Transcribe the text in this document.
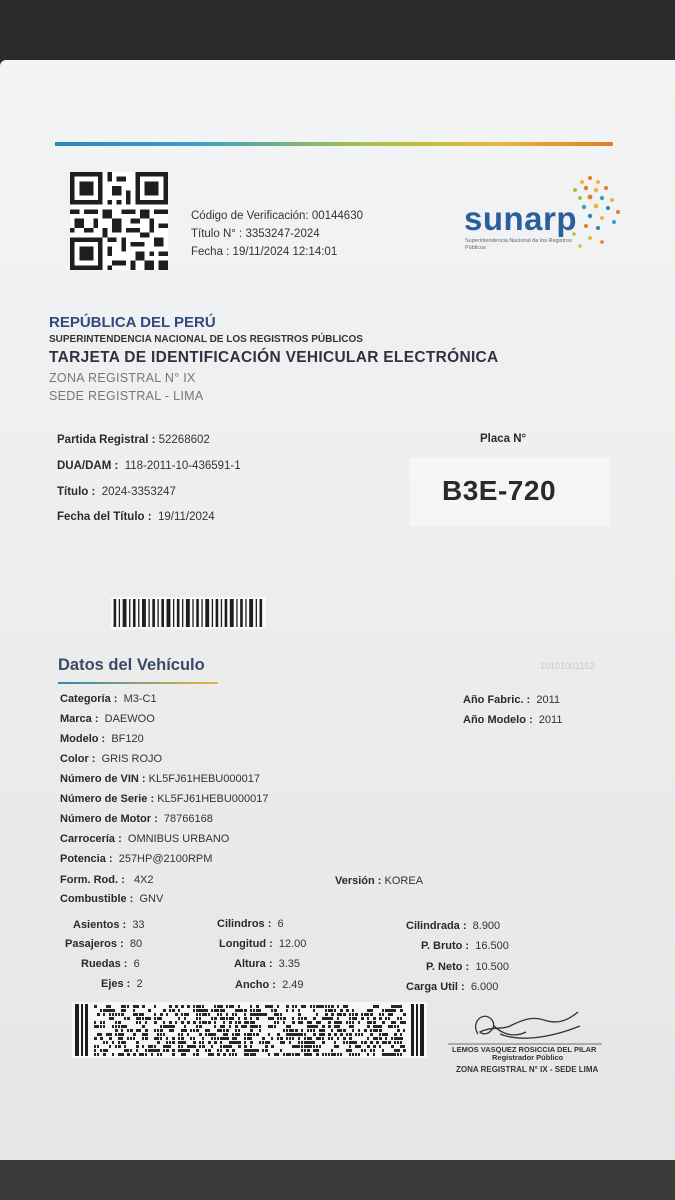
Código de Verificación: 00144630
Título N° : 3353247-2024
Fecha : 19/11/2024 12:14:01
sunarp
Superintendencia Nacional de los Registros Públicos
REPÚBLICA DEL PERÚ
SUPERINTENDENCIA NACIONAL DE LOS REGISTROS PÚBLICOS
TARJETA DE IDENTIFICACIÓN VEHICULAR ELECTRÓNICA
ZONA REGISTRAL N° IX
SEDE REGISTRAL - LIMA
Partida Registral : 52268602
DUA/DAM : 118-2011-10-436591-1
Título : 2024-3353247
Fecha del Título : 19/11/2024
Placa N°
B3E-720
Datos del Vehículo	10101001152
Categoría : M3-C1
Marca : DAEWOO
Modelo : BF120
Color : GRIS ROJO
Número de VIN : KL5FJ61HEBU000017
Número de Serie : KL5FJ61HEBU000017
Número de Motor : 78766168
Carrocería : OMNIBUS URBANO
Potencia : 257HP@2100RPM
Form. Rod. : 4X2
Combustible : GNV
Versión : KOREA
Año Fabric. : 2011
Año Modelo : 2011
Asientos : 33
Pasajeros : 80
Ruedas : 6
Ejes : 2
Cilindros : 6
Longitud : 12.00
Altura : 3.35
Ancho : 2.49
Cilindrada : 8.900
P. Bruto : 16.500
P. Neto : 10.500
Carga Util : 6.000
LEMOS VASQUEZ ROSICCIA DEL PILAR
Registrador Público
ZONA REGISTRAL N° IX - SEDE LIMA
